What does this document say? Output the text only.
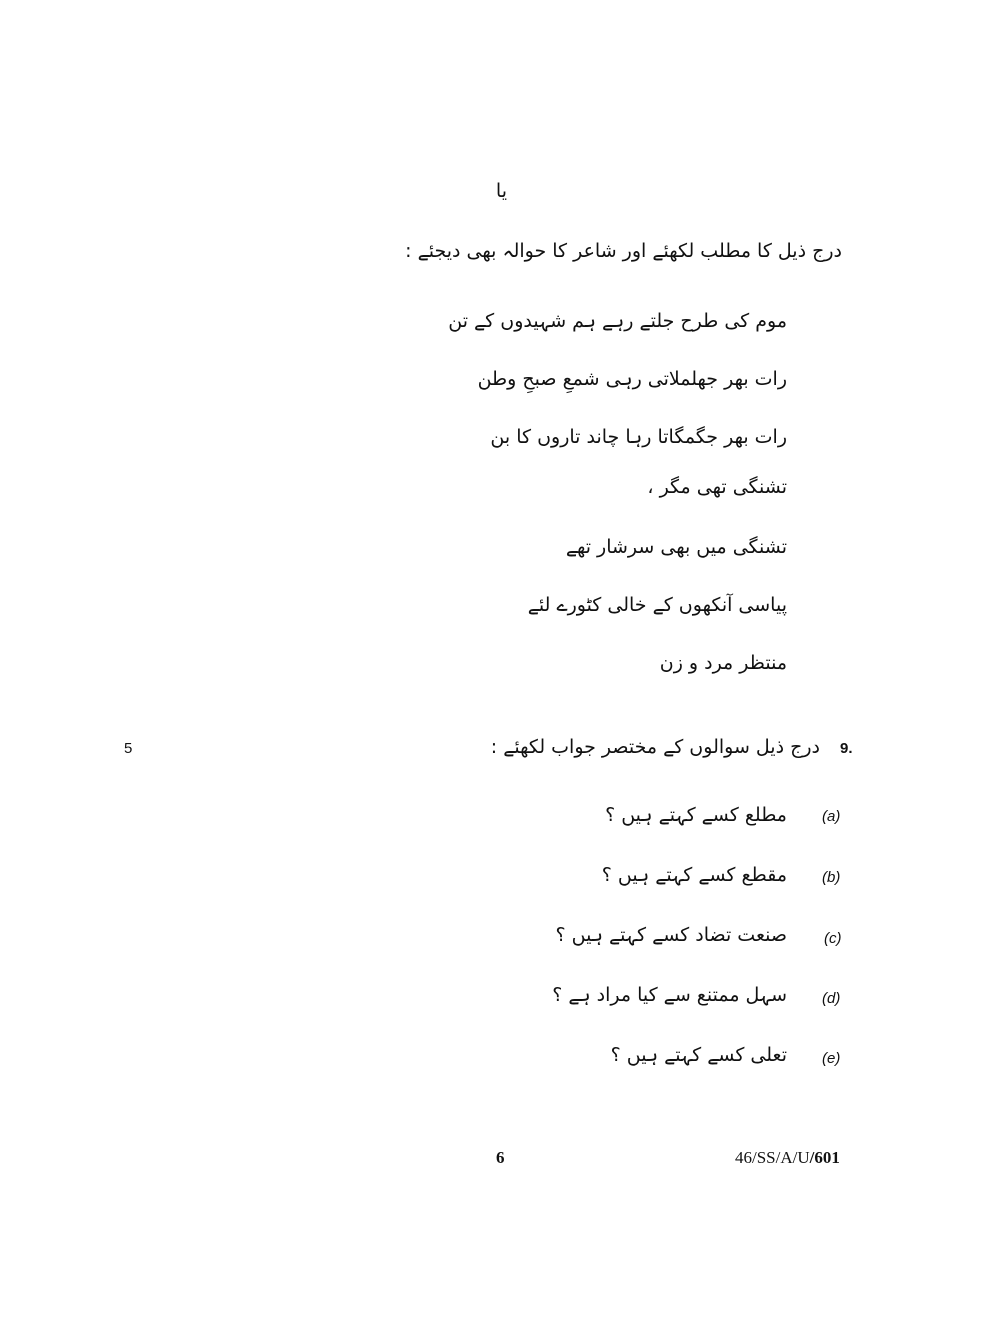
یا
درج ذیل کا مطلب لکھئے اور شاعر کا حوالہ بھی دیجئے :
موم کی طرح جلتے رہے ہم شہیدوں کے تن
رات بھر جھلملاتی رہی شمعِ صبحِ وطن
رات بھر جگمگاتا رہا چاند تاروں کا بن
تشنگی تھی مگر ،
تشنگی میں بھی سرشار تھے
پیاسی آنکھوں کے خالی کٹورے لئے
منتظر مرد و زن
5	9.
درج ذیل سوالوں کے مختصر جواب لکھئے :
(a)
مطلع کسے کہتے ہیں ؟
(b)
مقطع کسے کہتے ہیں ؟
(c)
صنعت تضاد کسے کہتے ہیں ؟
(d)
سہل ممتنع سے کیا مراد ہے ؟
(e)
تعلی کسے کہتے ہیں ؟
6	46/SS/A/U/601
